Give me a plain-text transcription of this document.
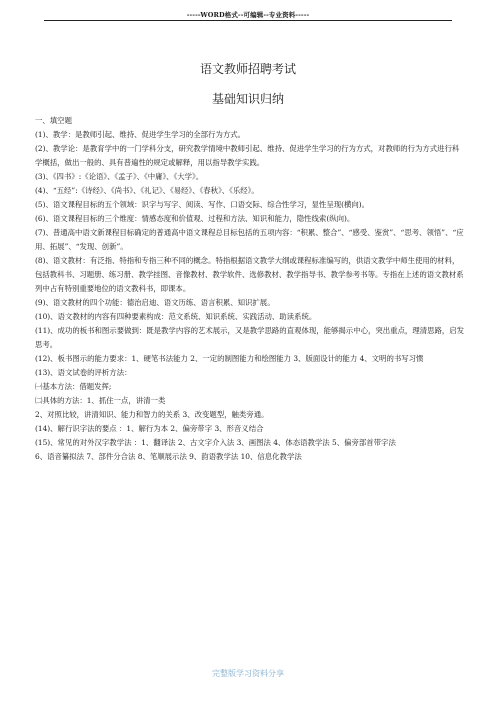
-----WORD格式--可编辑--专业资料-----
语文教师招聘考试
基础知识归纳

一、填空题

(1)、教学：是教师引起、维持、促进学生学习的全部行为方式。

(2)、教学论：是教育学中的一门学科分支，研究教学情境中教师引起、维持、促进学生学习的行为方式，对教师的行为方式进行科学概括，做出一般的、具有普遍性的规定或解释，用以指导教学实践。

(3)、《四书》:《论语》、《孟子》、《中庸》、《大学》。

(4)、“五经”:《诗经》、《尚书》、《礼记》、《易经》、《春秋》、《乐经》。

(5)、语文课程目标的五个领域：识字与写字、阅读、写作、口语交际、综合性学习，显性呈现(横向)。

(6)、语文课程目标的三个维度：情感态度和价值观、过程和方法、知识和能力，隐性线索(纵向)。

(7)、普通高中语文新课程目标确定的普通高中语文课程总目标包括的五项内容：“积累、整合”、“感受、鉴赏”、“思考、领悟”、“应用、拓展”、“发现、创新”。

(8)、语文教材：有泛指、特指和专指三种不同的概念。特指根据语文教学大纲或课程标准编写的，供语文教学中师生使用的材料，包括教科书、习题册、练习册、教学挂图、音像教材、教学软件、选修教材、教学指导书、教学参考书等。专指在上述的语文教材系列中占有特别重要地位的语文教科书，即课本。

(9)、语文教材的四个功能：德治启迪、语文历练、语言积累、知识扩展。

(10)、语文教材的内容有四种要素构成：范文系统、知识系统、实践活动、助读系统。

(11)、成功的板书和图示要做到：既是教学内容的艺术展示，又是教学思路的直观体现，能够揭示中心，突出重点，理清思路，启发思考。

(12)、板书图示的能力要求：1、硬笔书法能力 2、一定的制图能力和绘图能力 3、版面设计的能力 4、文明的书写习惯

(13)、语文试卷的评析方法：

㈠基本方法：借题发挥;

㈡具体的方法：1、抓住一点，讲清一类

2、对照比较，讲清知识、能力和智力的关系 3、改变题型，触类旁通。

(14)、解行识字法的要点 ：1、解行为本 2、偏旁带字 3、形音义结合

(15)、常见的对外汉字教学法 ：1、翻译法 2、古文字介入法 3、画图法 4、体态语教学法 5、偏旁部首带字法

6、语音纂拟法 7、部件分合法 8、笔顺展示法 9、韵语教学法 10、信息化教学法

完整版学习资料分享
